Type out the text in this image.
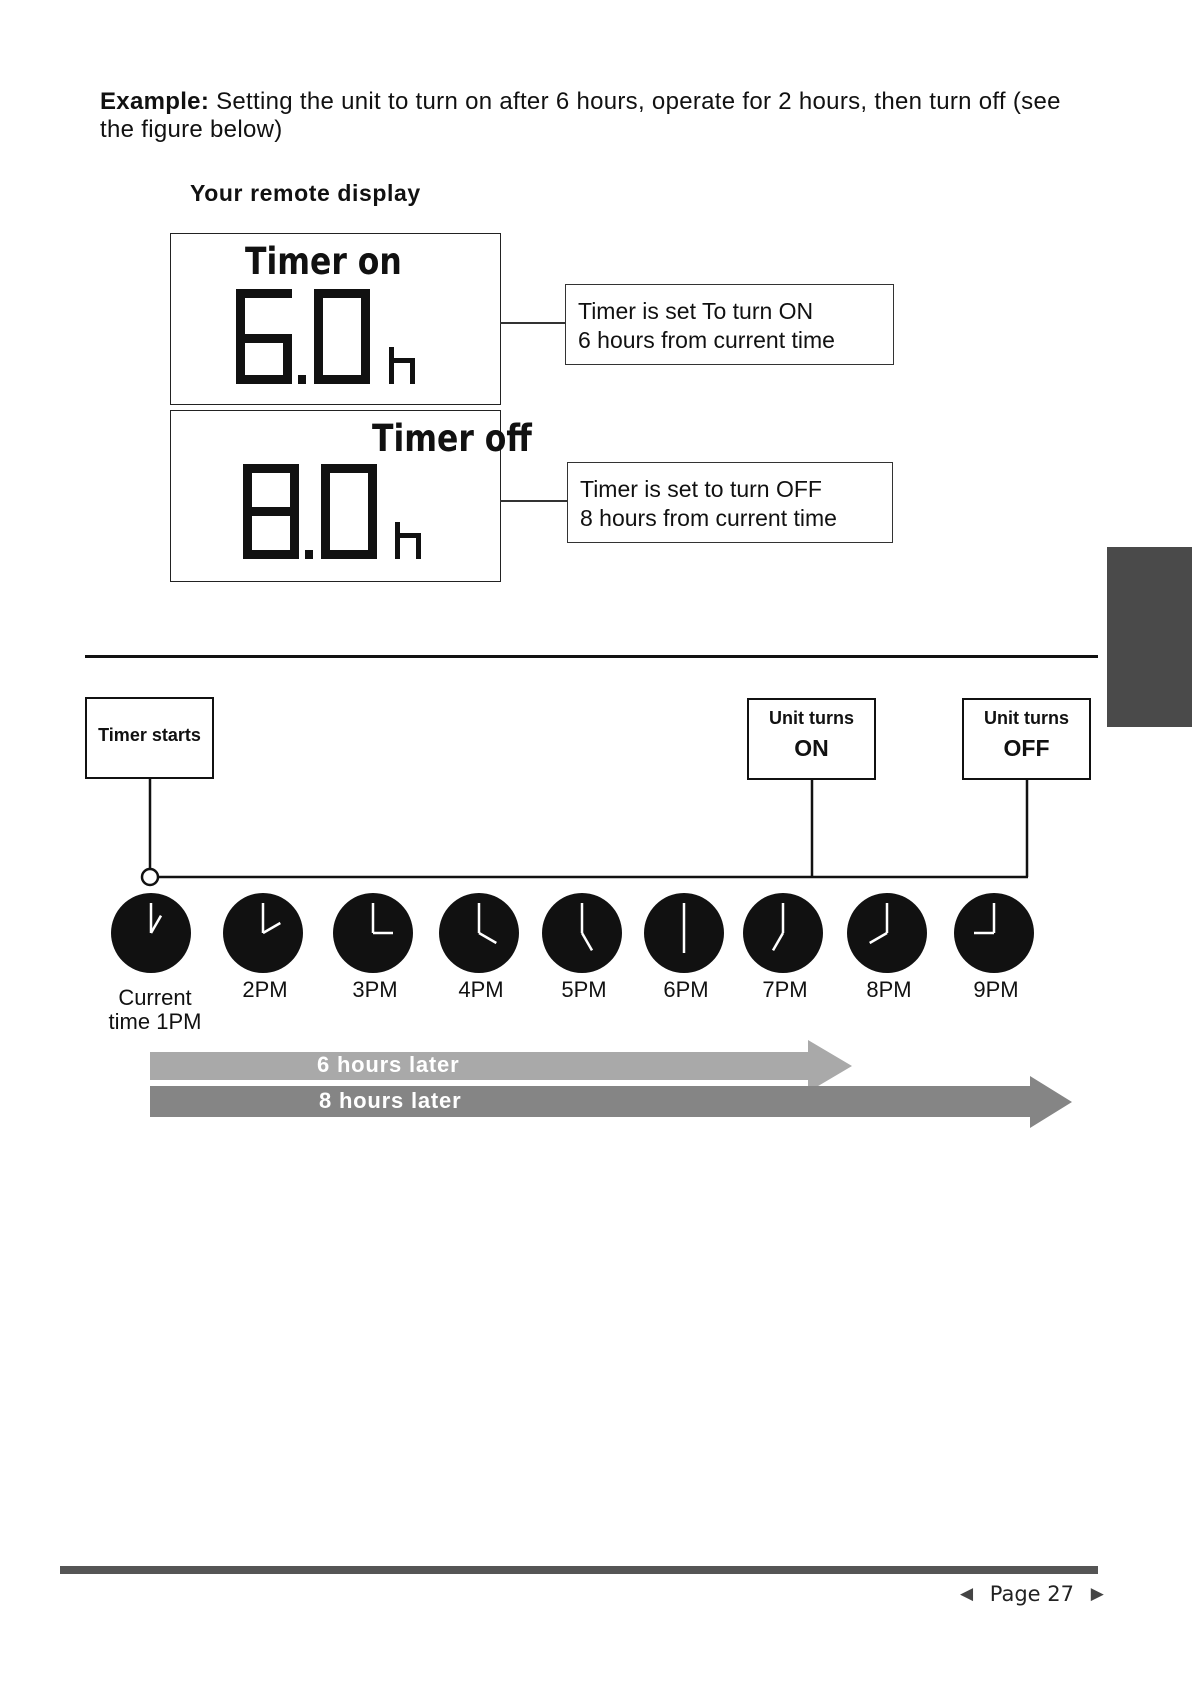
Example: Setting the unit to turn on after 6 hours, operate for 2 hours, then turn off (see the figure below)
Your remote display
Timer on
Timer off
Timer is set To turn ON
6 hours from current time
Timer is set to turn OFF
8 hours from current time
Timer starts
Unit turns
ON
Unit turns
OFF
Current
time 1PM
2PM	3PM	4PM	5PM	6PM	7PM	8PM	9PM
6 hours later
8 hours later
◀ Page 27 ▶
